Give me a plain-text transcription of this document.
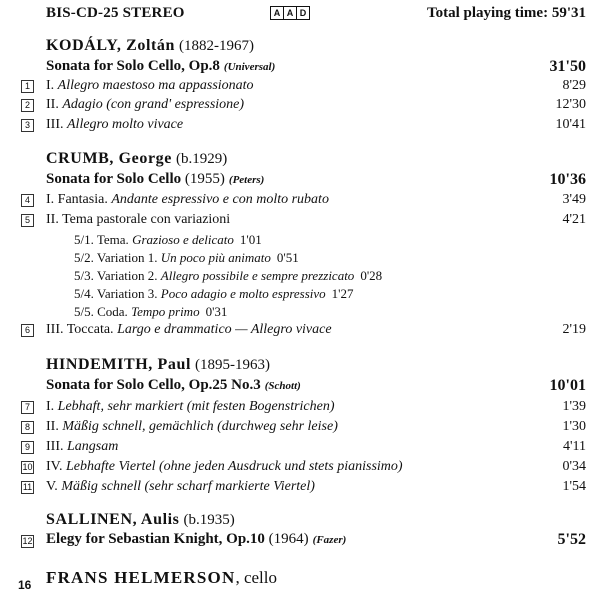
BIS-CD-25 STEREO	A A D	Total playing time: 59'31
KODÁLY, Zoltán (1882-1967)
Sonata for Solo Cello, Op.8 (Universal)	31'50
1 I. Allegro maestoso ma appassionato	8'29
2 II. Adagio (con grand' espressione)	12'30
3 III. Allegro molto vivace	10'41
CRUMB, George (b.1929)
Sonata for Solo Cello (1955) (Peters)	10'36
4 I. Fantasia. Andante espressivo e con molto rubato	3'49
5 II. Tema pastorale con variazioni	4'21
5/1. Tema. Grazioso e delicato 1'01
5/2. Variation 1. Un poco più animato 0'51
5/3. Variation 2. Allegro possibile e sempre prezzicato 0'28
5/4. Variation 3. Poco adagio e molto espressivo 1'27
5/5. Coda. Tempo primo 0'31
6 III. Toccata. Largo e drammatico — Allegro vivace	2'19
HINDEMITH, Paul (1895-1963)
Sonata for Solo Cello, Op.25 No.3 (Schott)	10'01
7 I. Lebhaft, sehr markiert (mit festen Bogenstrichen)	1'39
8 II. Mäßig schnell, gemächlich (durchweg sehr leise)	1'30
9 III. Langsam	4'11
10 IV. Lebhafte Viertel (ohne jeden Ausdruck und stets pianissimo)	0'34
11 V. Mäßig schnell (sehr scharf markierte Viertel)	1'54
SALLINEN, Aulis (b.1935)
12 Elegy for Sebastian Knight, Op.10 (1964) (Fazer)	5'52
16 FRANS HELMERSON, cello
